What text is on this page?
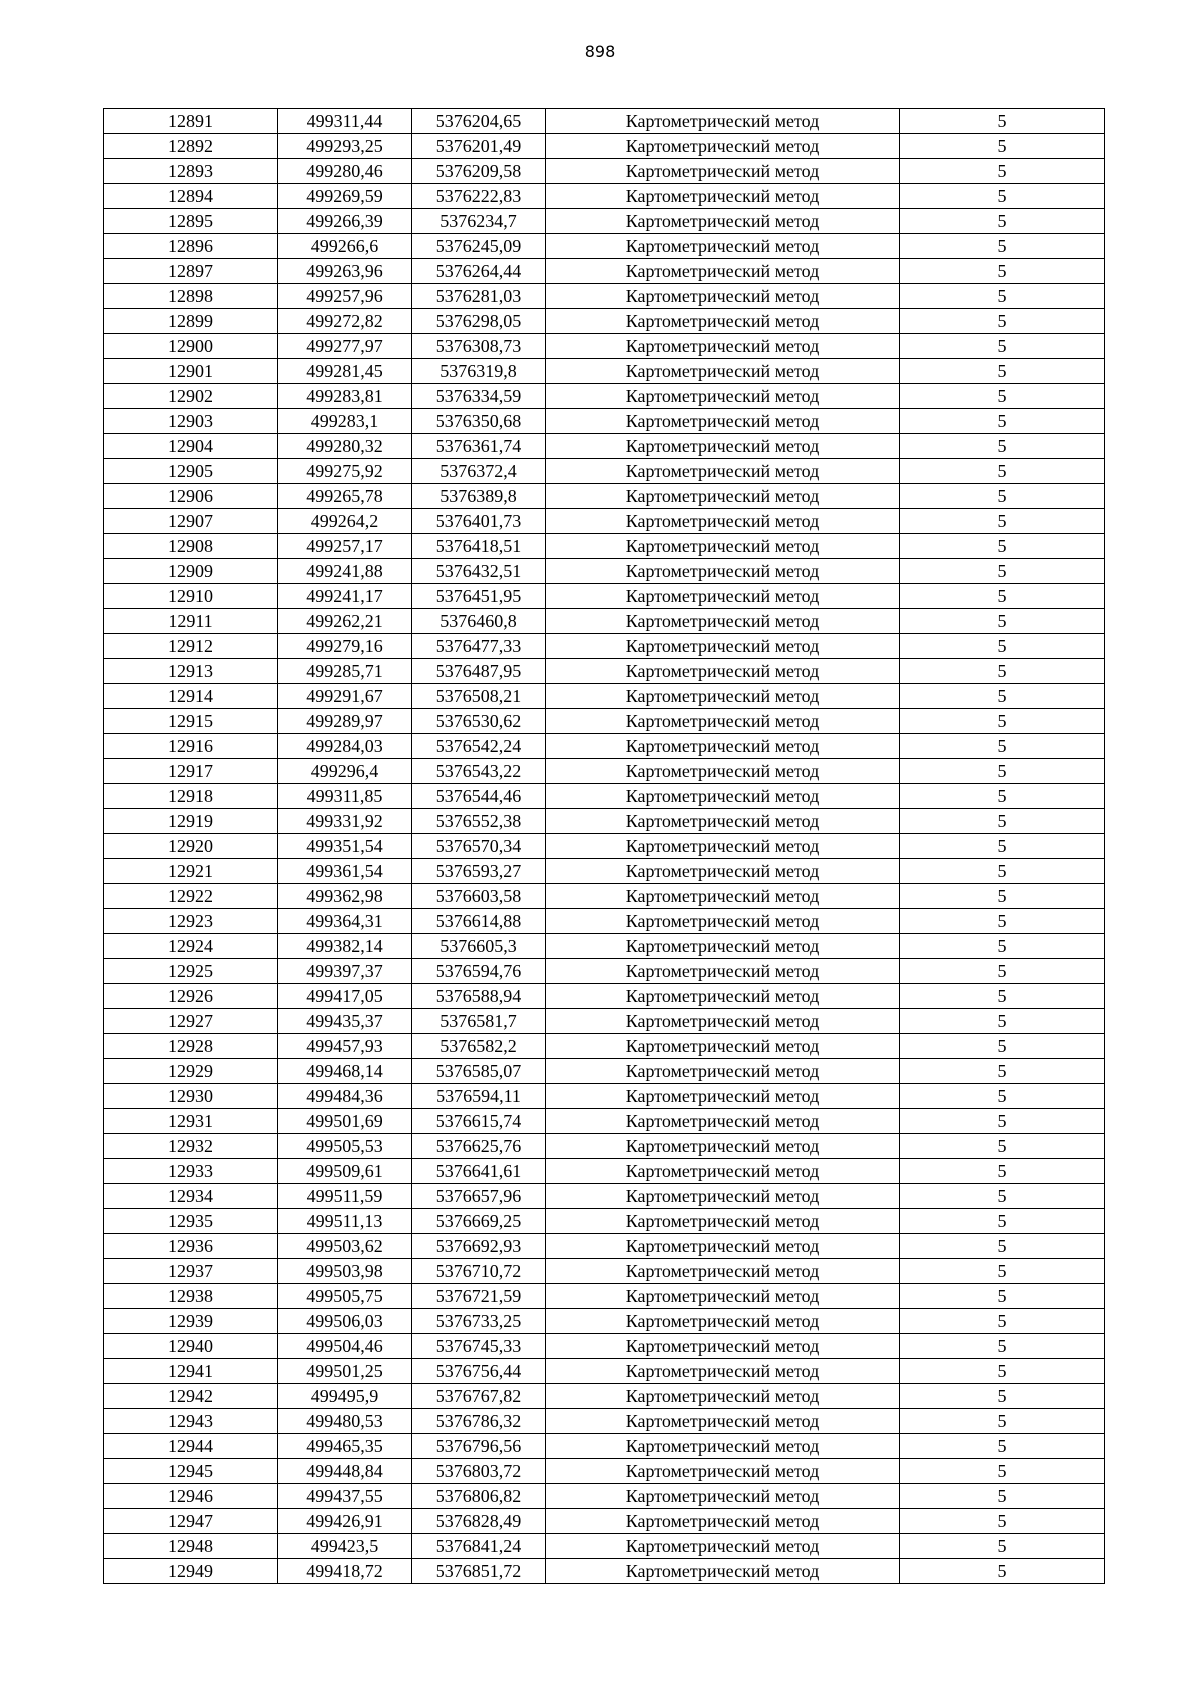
898
12891	499311,44	5376204,65	Картометрический метод	5
12892	499293,25	5376201,49	Картометрический метод	5
12893	499280,46	5376209,58	Картометрический метод	5
12894	499269,59	5376222,83	Картометрический метод	5
12895	499266,39	5376234,7	Картометрический метод	5
12896	499266,6	5376245,09	Картометрический метод	5
12897	499263,96	5376264,44	Картометрический метод	5
12898	499257,96	5376281,03	Картометрический метод	5
12899	499272,82	5376298,05	Картометрический метод	5
12900	499277,97	5376308,73	Картометрический метод	5
12901	499281,45	5376319,8	Картометрический метод	5
12902	499283,81	5376334,59	Картометрический метод	5
12903	499283,1	5376350,68	Картометрический метод	5
12904	499280,32	5376361,74	Картометрический метод	5
12905	499275,92	5376372,4	Картометрический метод	5
12906	499265,78	5376389,8	Картометрический метод	5
12907	499264,2	5376401,73	Картометрический метод	5
12908	499257,17	5376418,51	Картометрический метод	5
12909	499241,88	5376432,51	Картометрический метод	5
12910	499241,17	5376451,95	Картометрический метод	5
12911	499262,21	5376460,8	Картометрический метод	5
12912	499279,16	5376477,33	Картометрический метод	5
12913	499285,71	5376487,95	Картометрический метод	5
12914	499291,67	5376508,21	Картометрический метод	5
12915	499289,97	5376530,62	Картометрический метод	5
12916	499284,03	5376542,24	Картометрический метод	5
12917	499296,4	5376543,22	Картометрический метод	5
12918	499311,85	5376544,46	Картометрический метод	5
12919	499331,92	5376552,38	Картометрический метод	5
12920	499351,54	5376570,34	Картометрический метод	5
12921	499361,54	5376593,27	Картометрический метод	5
12922	499362,98	5376603,58	Картометрический метод	5
12923	499364,31	5376614,88	Картометрический метод	5
12924	499382,14	5376605,3	Картометрический метод	5
12925	499397,37	5376594,76	Картометрический метод	5
12926	499417,05	5376588,94	Картометрический метод	5
12927	499435,37	5376581,7	Картометрический метод	5
12928	499457,93	5376582,2	Картометрический метод	5
12929	499468,14	5376585,07	Картометрический метод	5
12930	499484,36	5376594,11	Картометрический метод	5
12931	499501,69	5376615,74	Картометрический метод	5
12932	499505,53	5376625,76	Картометрический метод	5
12933	499509,61	5376641,61	Картометрический метод	5
12934	499511,59	5376657,96	Картометрический метод	5
12935	499511,13	5376669,25	Картометрический метод	5
12936	499503,62	5376692,93	Картометрический метод	5
12937	499503,98	5376710,72	Картометрический метод	5
12938	499505,75	5376721,59	Картометрический метод	5
12939	499506,03	5376733,25	Картометрический метод	5
12940	499504,46	5376745,33	Картометрический метод	5
12941	499501,25	5376756,44	Картометрический метод	5
12942	499495,9	5376767,82	Картометрический метод	5
12943	499480,53	5376786,32	Картометрический метод	5
12944	499465,35	5376796,56	Картометрический метод	5
12945	499448,84	5376803,72	Картометрический метод	5
12946	499437,55	5376806,82	Картометрический метод	5
12947	499426,91	5376828,49	Картометрический метод	5
12948	499423,5	5376841,24	Картометрический метод	5
12949	499418,72	5376851,72	Картометрический метод	5
